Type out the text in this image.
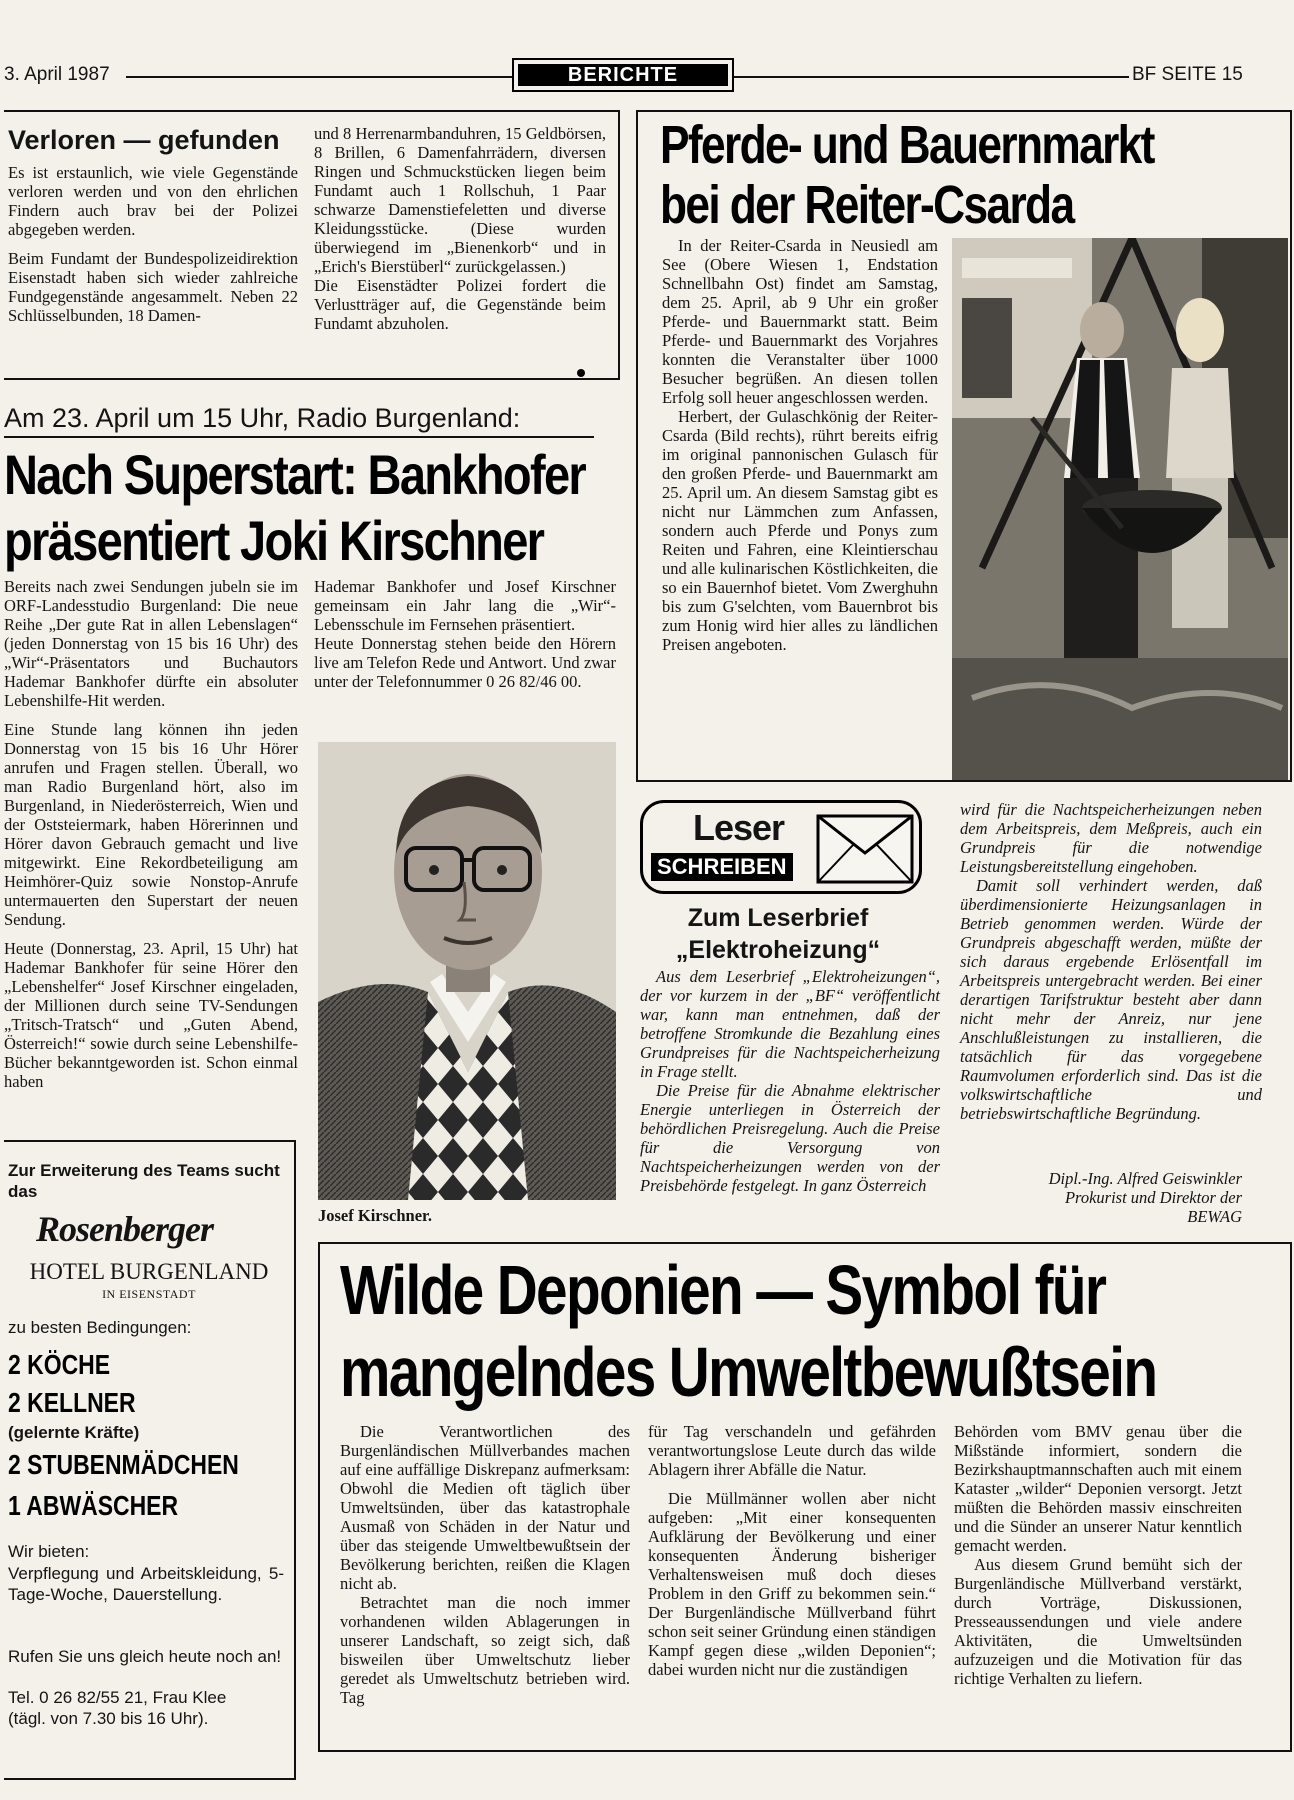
3. April 1987	BERICHTE	BF SEITE 15
Verloren — gefunden

Es ist erstaunlich, wie viele Gegenstände verloren werden und von den ehrlichen Findern auch brav bei der Polizei abgegeben werden.

Beim Fundamt der Bundespolizeidirektion Eisenstadt haben sich wieder zahlreiche Fundgegenstände angesammelt. Neben 22 Schlüsselbunden, 18 Damen-

und 8 Herrenarmbanduhren, 15 Geldbörsen, 8 Brillen, 6 Damenfahrrädern, diversen Ringen und Schmuckstücken liegen beim Fundamt auch 1 Rollschuh, 1 Paar schwarze Damenstiefeletten und diverse Kleidungsstücke. (Diese wurden überwiegend im „Bienenkorb“ und in „Erich's Bierstüberl“ zurückgelassen.)

Die Eisenstädter Polizei fordert die Verlustträger auf, die Gegenstände beim Fundamt abzuholen.

Am 23. April um 15 Uhr, Radio Burgenland:
Nach Superstart: Bankhofer
präsentiert Joki Kirschner

Bereits nach zwei Sendungen jubeln sie im ORF-Landesstudio Burgenland: Die neue Reihe „Der gute Rat in allen Lebenslagen“ (jeden Donnerstag von 15 bis 16 Uhr) des „Wir“-Präsentators und Buchautors Hademar Bankhofer dürfte ein absoluter Lebenshilfe-Hit werden.

Eine Stunde lang können ihn jeden Donnerstag von 15 bis 16 Uhr Hörer anrufen und Fragen stellen. Überall, wo man Radio Burgenland hört, also im Burgenland, in Niederösterreich, Wien und der Oststeiermark, haben Hörerinnen und Hörer davon Gebrauch gemacht und live mitgewirkt. Eine Rekordbeteiligung am Heimhörer-Quiz sowie Nonstop-Anrufe untermauerten den Superstart der neuen Sendung.

Heute (Donnerstag, 23. April, 15 Uhr) hat Hademar Bankhofer für seine Hörer den „Lebenshelfer“ Josef Kirschner eingeladen, der Millionen durch seine TV-Sendungen „Tritsch-Tratsch“ und „Guten Abend, Österreich!“ sowie durch seine Lebenshilfe-Bücher bekanntgeworden ist. Schon einmal haben

Hademar Bankhofer und Josef Kirschner gemeinsam ein Jahr lang die „Wir“-Lebensschule im Fernsehen präsentiert.

Heute Donnerstag stehen beide den Hörern live am Telefon Rede und Antwort. Und zwar unter der Telefonnummer 0 26 82/46 00.

Josef Kirschner.
Pferde- und Bauernmarkt
bei der Reiter-Csarda

In der Reiter-Csarda in Neusiedl am See (Obere Wiesen 1, Endstation Schnellbahn Ost) findet am Samstag, dem 25. April, ab 9 Uhr ein großer Pferde- und Bauernmarkt statt. Beim Pferde- und Bauernmarkt des Vorjahres konnten die Veranstalter über 1000 Besucher begrüßen. An diesen tollen Erfolg soll heuer angeschlossen werden.

Herbert, der Gulaschkönig der Reiter-Csarda (Bild rechts), rührt bereits eifrig im original pannonischen Gulasch für den großen Pferde- und Bauernmarkt am 25. April um. An diesem Samstag gibt es nicht nur Lämmchen zum Anfassen, sondern auch Pferde und Ponys zum Reiten und Fahren, eine Kleintierschau und alle kulinarischen Köstlichkeiten, die so ein Bauernhof bietet. Vom Zwerghuhn bis zum G'selchten, vom Bauernbrot bis zum Honig wird hier alles zu ländlichen Preisen angeboten.

Leser
SCHREIBEN
Zum Leserbrief
„Elektroheizung“

Aus dem Leserbrief „Elektroheizungen“, der vor kurzem in der „BF“ veröffentlicht war, kann man entnehmen, daß der betroffene Stromkunde die Bezahlung eines Grundpreises für die Nachtspeicherheizung in Frage stellt.

Die Preise für die Abnahme elektrischer Energie unterliegen in Österreich der behördlichen Preisregelung. Auch die Preise für die Versorgung von Nachtspeicherheizungen werden von der Preisbehörde festgelegt. In ganz Österreich

wird für die Nachtspeicherheizungen neben dem Arbeitspreis, dem Meßpreis, auch ein Grundpreis für die notwendige Leistungsbereitstellung eingehoben.

Damit soll verhindert werden, daß überdimensionierte Heizungsanlagen in Betrieb genommen werden. Würde der Grundpreis abgeschafft werden, müßte der sich daraus ergebende Erlösentfall im Arbeitspreis untergebracht werden. Bei einer derartigen Tarifstruktur besteht aber dann nicht mehr der Anreiz, nur jene Anschlußleistungen zu installieren, die tatsächlich für das vorgegebene Raumvolumen erforderlich sind. Das ist die volkswirtschaftliche und betriebswirtschaftliche Begründung.

Dipl.-Ing. Alfred Geiswinkler
Prokurist und Direktor der
BEWAG
Zur Erweiterung des Teams sucht das
Rosenberger
HOTEL BURGENLAND
IN EISENSTADT
zu besten Bedingungen:
2 KÖCHE
2 KELLNER
(gelernte Kräfte)
2 STUBENMÄDCHEN
1 ABWÄSCHER
Wir bieten:
Verpflegung und Arbeitskleidung, 5-Tage-Woche, Dauerstellung.
Rufen Sie uns gleich heute noch an!
Tel. 0 26 82/55 21, Frau Klee
(tägl. von 7.30 bis 16 Uhr).
Wilde Deponien — Symbol für
mangelndes Umweltbewußtsein

Die Verantwortlichen des Burgenländischen Müllverbandes machen auf eine auffällige Diskrepanz aufmerksam: Obwohl die Medien oft täglich über Umweltsünden, über das katastrophale Ausmaß von Schäden in der Natur und über das steigende Umweltbewußtsein der Bevölkerung berichten, reißen die Klagen nicht ab.

Betrachtet man die noch immer vorhandenen wilden Ablagerungen in unserer Landschaft, so zeigt sich, daß bisweilen über Umweltschutz lieber geredet als Umweltschutz betrieben wird. Tag

für Tag verschandeln und gefährden verantwortungslose Leute durch das wilde Ablagern ihrer Abfälle die Natur.

Die Müllmänner wollen aber nicht aufgeben: „Mit einer konsequenten Aufklärung der Bevölkerung und einer konsequenten Änderung bisheriger Verhaltensweisen muß doch dieses Problem in den Griff zu bekommen sein.“ Der Burgenländische Müllverband führt schon seit seiner Gründung einen ständigen Kampf gegen diese „wilden Deponien“; dabei wurden nicht nur die zuständigen

Behörden vom BMV genau über die Mißstände informiert, sondern die Bezirkshauptmannschaften auch mit einem Kataster „wilder“ Deponien versorgt. Jetzt müßten die Behörden massiv einschreiten und die Sünder an unserer Natur kenntlich gemacht werden.

Aus diesem Grund bemüht sich der Burgenländische Müllverband verstärkt, durch Vorträge, Diskussionen, Presseaussendungen und viele andere Aktivitäten, die Umweltsünden aufzuzeigen und die Motivation für das richtige Verhalten zu liefern.
